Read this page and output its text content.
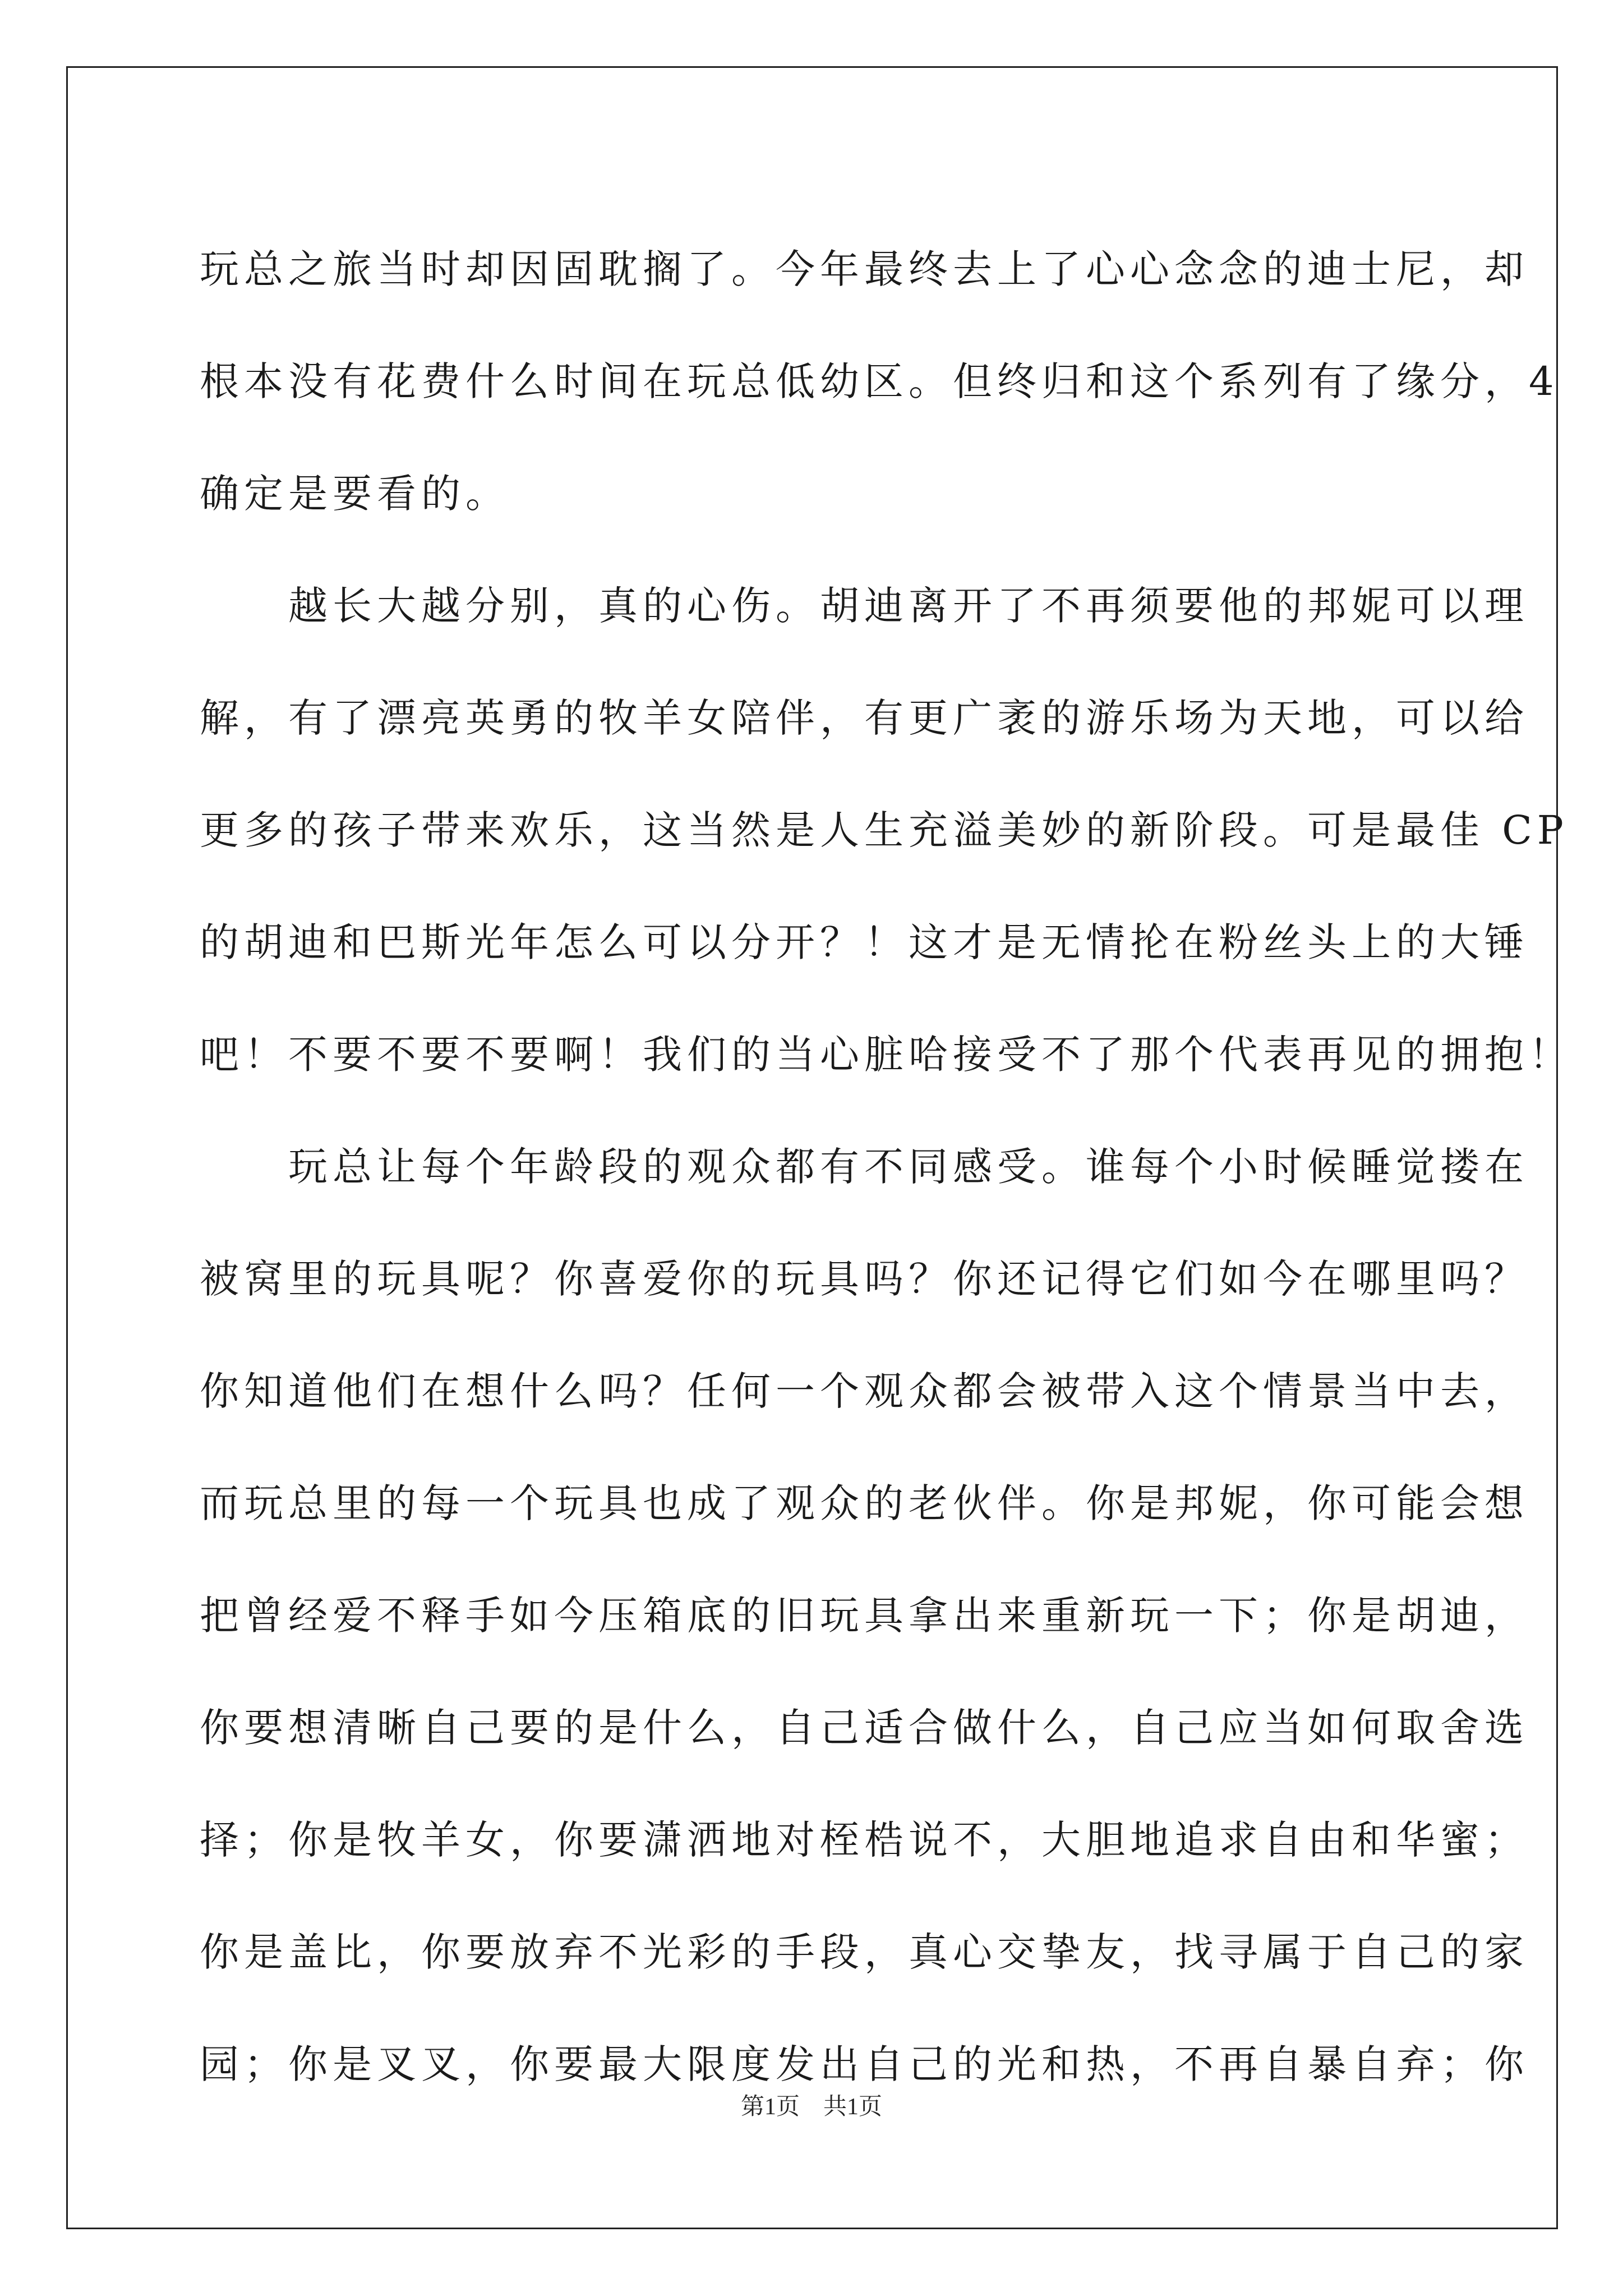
玩总之旅当时却因固耽搁了。今年最终去上了心心念念的迪士尼，却
根本没有花费什么时间在玩总低幼区。但终归和这个系列有了缘分，4
确定是要看的。
　　越长大越分别，真的心伤。胡迪离开了不再须要他的邦妮可以理
解，有了漂亮英勇的牧羊女陪伴，有更广袤的游乐场为天地，可以给
更多的孩子带来欢乐，这当然是人生充溢美妙的新阶段。可是最佳 CP
的胡迪和巴斯光年怎么可以分开？！这才是无情抡在粉丝头上的大锤
吧！不要不要不要啊！我们的当心脏哈接受不了那个代表再见的拥抱！
　　玩总让每个年龄段的观众都有不同感受。谁每个小时候睡觉搂在
被窝里的玩具呢？你喜爱你的玩具吗？你还记得它们如今在哪里吗？
你知道他们在想什么吗？任何一个观众都会被带入这个情景当中去，
而玩总里的每一个玩具也成了观众的老伙伴。你是邦妮，你可能会想
把曾经爱不释手如今压箱底的旧玩具拿出来重新玩一下；你是胡迪，
你要想清晰自己要的是什么，自己适合做什么，自己应当如何取舍选
择；你是牧羊女，你要潇洒地对桎梏说不，大胆地追求自由和华蜜；
你是盖比，你要放弃不光彩的手段，真心交挚友，找寻属于自己的家
园；你是叉叉，你要最大限度发出自己的光和热，不再自暴自弃；你
第1页　共1页
